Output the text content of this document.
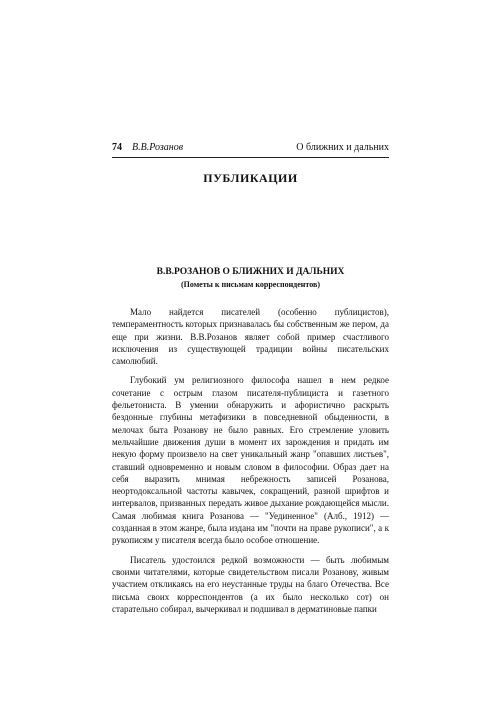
74 В.В.Розанов	О ближних и дальних
ПУБЛИКАЦИИ
В.В.РОЗАНОВ О БЛИЖНИХ И ДАЛЬНИХ
(Пометы к письмам корреспондентов)

Мало найдется писателей (особенно публицистов), темпераментность которых признавалась бы собственным же пером, да еще при жизни. В.В.Розанов являет собой пример счастливого исключения из существующей традиции войны писательских самолюбий.

Глубокий ум религиозного философа нашел в нем редкое сочетание с острым глазом писателя-публициста и газетного фельетониста. В умении обнаружить и афористично раскрыть бездонные глубины метафизики в повседневной обыденности, в мелочах быта Розанову не было равных. Его стремление уловить мельчайшие движения души в момент их зарождения и придать им некую форму произвело на свет уникальный жанр "опавших листьев", ставший одновременно и новым словом в философии. Образ дает на себя выразить мнимая небрежность записей Розанова, неортодоксальной частоты кавычек, сокращений, разной шрифтов и интервалов, призванных передать живое дыхание рождающейся мысли. Самая любимая книга Розанова — "Уединенное" (Алб., 1912) — созданная в этом жанре, была издана им "почти на праве рукописи", а к рукописям у писателя всегда было особое отношение.

Писатель удостоился редкой возможности — быть любимым своими читателями, которые свидетельством писали Розанову, живым участием откликаясь на его неустанные труды на благо Отечества. Все письма своих корреспондентов (а их было несколько сот) он старательно собирал, вычеркивал и подшивал в дерматиновые папки
